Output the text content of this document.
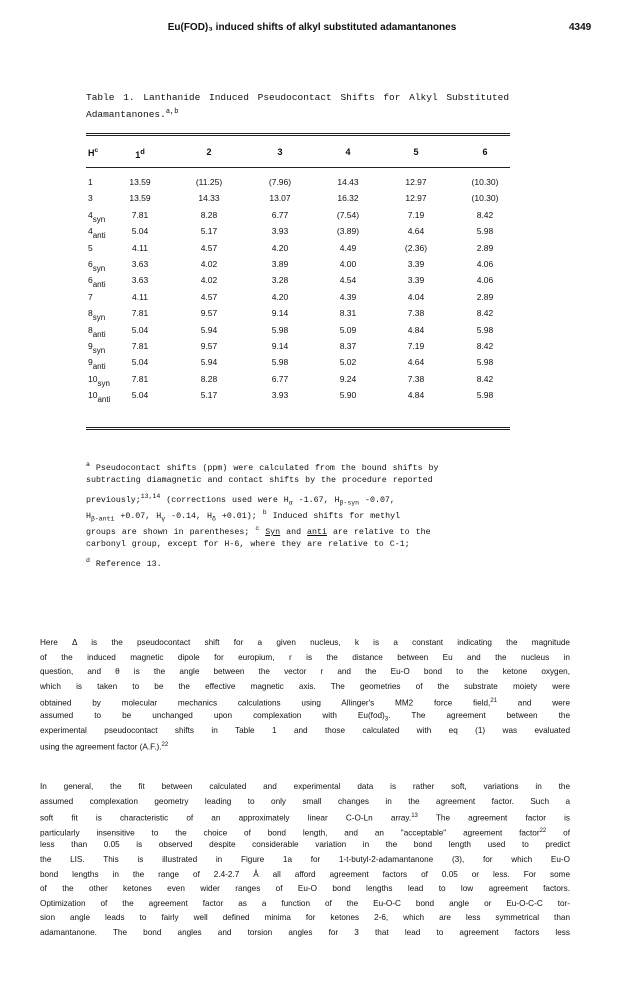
Eu(FOD)₃ induced shifts of alkyl substituted adamantanones	4349
Table 1. Lanthanide Induced Pseudocontact Shifts for Alkyl Substituted
Adamantanones.$^{a,b}$
$H^c$	1$^d$	2	3	4	5	6
1	13.59	(11.25)	(7.96)	14.43	12.97	(10.30)
3	13.59	14.33	13.07	16.32	12.97	(10.30)
4syn	7.81	8.28	6.77	(7.54)	7.19	8.42
4anti	5.04	5.17	3.93	(3.89)	4.64	5.98
5	4.11	4.57	4.20	4.49	(2.36)	2.89
6syn	3.63	4.02	3.89	4.00	3.39	4.06
6anti	3.63	4.02	3.28	4.54	3.39	4.06
7	4.11	4.57	4.20	4.39	4.04	2.89
8syn	7.81	9.57	9.14	8.31	7.38	8.42
8anti	5.04	5.94	5.98	5.09	4.84	5.98
9syn	7.81	9.57	9.14	8.37	7.19	8.42
9anti	5.04	5.94	5.98	5.02	4.64	5.98
10syn	7.81	8.28	6.77	9.24	7.38	8.42
10anti	5.04	5.17	3.93	5.90	4.84	5.98
$^a$ Pseudocontact shifts (ppm) were calculated from the bound shifts by
subtracting diamagnetic and contact shifts by the procedure reported
previously;$^{13,14}$ (corrections used were $H_\alpha$ -1.67, $H_{\beta-syn}$ -0.07,
$H_{\beta-anti} +0.07$, $H_\gamma$ -0.14, $H_\delta +0.01$); $^b$ Induced shifts for methyl
groups are shown in parentheses; $^c$ Syn and anti are relative to the
carbonyl group, except for H-6, where they are relative to C-1;
$^d$ Reference 13.
Here Δ is the pseudocontact shift for a given nucleus, k is a constant indicating the magnitude
of the induced magnetic dipole for europium, r is the distance between Eu and the nucleus in
question, and θ is the angle between the vector r and the Eu-O bond to the ketone oxygen,
which is taken to be the effective magnetic axis. The geometries of the substrate moiety were
obtained by molecular mechanics calculations using Allinger's MM2 force field,$^{21}$	and	were
assumed to be unchanged upon complexation with $Eu(fod)_3$. The agreement between the
experimental pseudocontact shifts in Table 1 and those calculated with eq (1) was evaluated
using the agreement factor (A.F.).$^{22}$
In general, the fit between calculated and experimental data is rather soft, variations in the
assumed complexation geometry leading to only small changes in the agreement factor. Such a
soft fit is characteristic of an approximately linear C-O-Ln array.$^{13}$ The agreement factor is
particularly insensitive to the choice of bond length, and an "acceptable" agreement factor$^{22}$ of
less than 0.05 is observed despite considerable variation in the bond length used to predict
the LIS. This is illustrated in Figure 1a for 1-t-butyl-2-adamantanone (3), for which Eu-O
bond lengths in the range of 2.4-2.7 Å all afford agreement factors of 0.05 or less. For some
of the other ketones even wider ranges of Eu-O bond lengths lead to low agreement factors.
Optimization of the agreement factor as a function of the Eu-O-C bond angle or Eu-O-C-C tor-
sion angle leads to fairly well defined minima for ketones 2-6, which are less symmetrical than
adamantanone. The bond angles and torsion angles for 3 that lead to agreement factors less
